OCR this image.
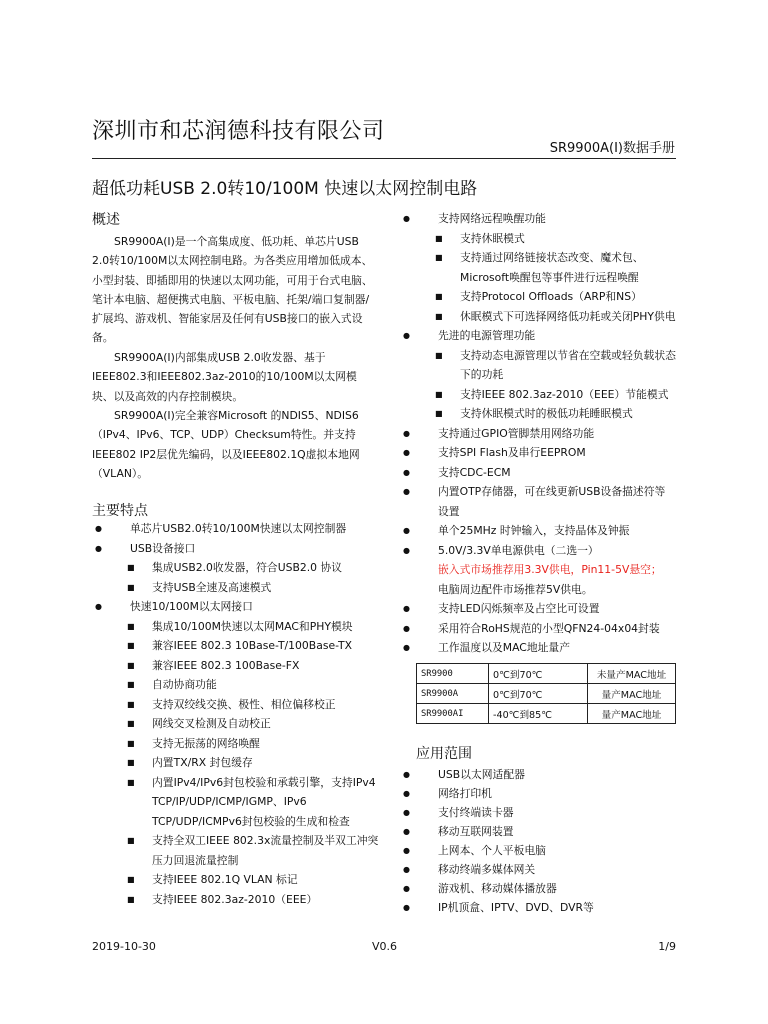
深圳市和芯润德科技有限公司
SR9900A(I)数据手册
超低功耗USB 2.0转10/100M 快速以太网控制电路
概述
SR9900A(I)是一个高集成度、低功耗、单芯片USB 2.0转10/100M以太网控制电路。为各类应用增加低成本、小型封装、即插即用的快速以太网功能，可用于台式电脑、笔计本电脑、超便携式电脑、平板电脑、托架/端口复制器/扩展坞、游戏机、智能家居及任何有USB接口的嵌入式设备。
SR9900A(I)内部集成USB 2.0收发器、基于IEEE802.3和IEEE802.3az-2010的10/100M以太网模块、以及高效的内存控制模块。
SR9900A(I)完全兼容Microsoft 的NDIS5、NDIS6（IPv4、IPv6、TCP、UDP）Checksum特性。并支持IEEE802 IP2层优先编码，以及IEEE802.1Q虚拟本地网（VLAN）。
主要特点
● 单芯片USB2.0转10/100M快速以太网控制器
● USB设备接口
■ 集成USB2.0收发器，符合USB2.0 协议
■ 支持USB全速及高速模式
● 快速10/100M以太网接口
■ 集成10/100M快速以太网MAC和PHY模块
■ 兼容IEEE 802.3 10Base-T/100Base-TX
■ 兼容IEEE 802.3 100Base-FX
■ 自动协商功能
■ 支持双绞线交换、极性、相位偏移校正
■ 网线交叉检测及自动校正
■ 支持无振荡的网络唤醒
■ 内置TX/RX 封包缓存
■ 内置IPv4/IPv6封包校验和承载引擎，支持IPv4 TCP/IP/UDP/ICMP/IGMP、IPv6 TCP/UDP/ICMPv6封包校验的生成和检查
■ 支持全双工IEEE 802.3x流量控制及半双工冲突压力回退流量控制
■ 支持IEEE 802.1Q VLAN 标记
■ 支持IEEE 802.3az-2010（EEE）
● 支持网络远程唤醒功能
■ 支持休眠模式
■ 支持通过网络链接状态改变、魔术包、Microsoft唤醒包等事件进行远程唤醒
■ 支持Protocol Offloads（ARP和NS）
■ 休眠模式下可选择网络低功耗或关闭PHY供电
● 先进的电源管理功能
■ 支持动态电源管理以节省在空载或轻负载状态下的功耗
■ 支持IEEE 802.3az-2010（EEE）节能模式
■ 支持休眠模式时的极低功耗睡眠模式
● 支持通过GPIO管脚禁用网络功能
● 支持SPI Flash及串行EEPROM
● 支持CDC-ECM
● 内置OTP存储器，可在线更新USB设备描述符等设置
● 单个25MHz 时钟输入，支持晶体及钟振
● 5.0V/3.3V单电源供电（二选一）
嵌入式市场推荐用3.3V供电，Pin11-5V悬空；
电脑周边配件市场推荐5V供电。
● 支持LED闪烁频率及占空比可设置
● 采用符合RoHS规范的小型QFN24-04x04封装
● 工作温度以及MAC地址量产
SR9900	0℃到70℃	未量产MAC地址
SR9900A	0℃到70℃	量产MAC地址
SR9900AI	-40℃到85℃	量产MAC地址
应用范围
● USB以太网适配器
● 网络打印机
● 支付终端读卡器
● 移动互联网装置
● 上网本、个人平板电脑
● 移动终端多媒体网关
● 游戏机、移动媒体播放器
● IP机顶盒、IPTV、DVD、DVR等
2019-10-30	V0.6	1/9
